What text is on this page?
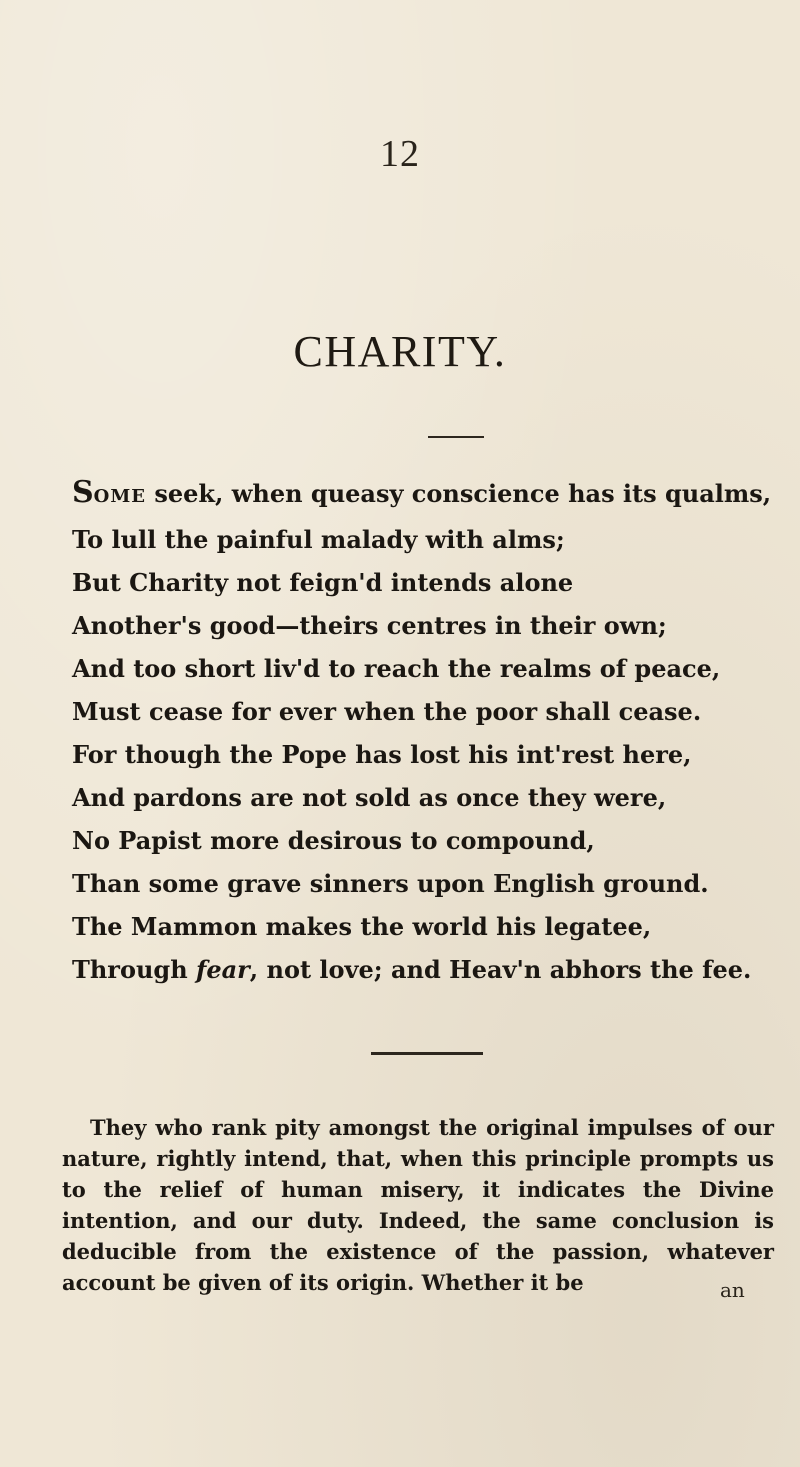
12
CHARITY.
SOME seek, when queasy conscience has its qualms,
To lull the painful malady with alms;
But Charity not feign'd intends alone
Another's good—theirs centres in their own;
And too short liv'd to reach the realms of peace,
Must cease for ever when the poor shall cease.
For though the Pope has lost his int'rest here,
And pardons are not sold as once they were,
No Papist more desirous to compound,
Than some grave sinners upon English ground.
The Mammon makes the world his legatee,
Through fear, not love; and Heav'n abhors the fee.

They who rank pity amongst the original impulses of our nature, rightly intend, that, when this principle prompts us to the relief of human misery, it indicates the Divine intention, and our duty. Indeed, the same conclusion is deducible from the existence of the passion, whatever account be given of its origin. Whether it be	an
